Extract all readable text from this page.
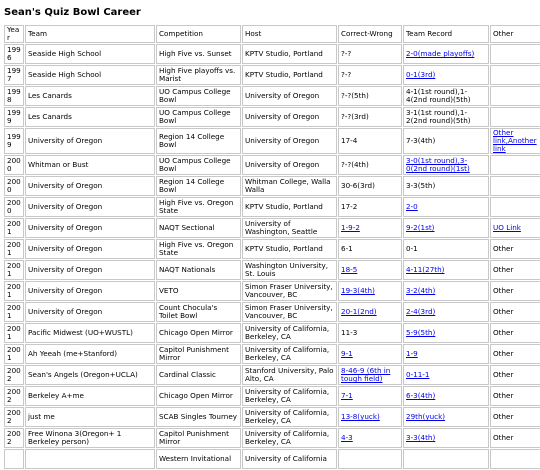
Sean's Quiz Bowl Career
Year	Team	Competition	Host	Correct-Wrong	Team Record	Other
1996	Seaside High School	High Five vs. Sunset	KPTV Studio, Portland	?-?	2-0(made playoffs)	
1997	Seaside High School	High Five playoffs vs. Marist	KPTV Studio, Portland	?-?	0-1(3rd)	
1998	Les Canards	UO Campus College Bowl	University of Oregon	?-?(5th)	4-1(1st round),1-4(2nd round)(5th)	
1999	Les Canards	UO Campus College Bowl	University of Oregon	?-?(3rd)	3-1(1st round),1-2(2nd round)(5th)	
1999	University of Oregon	Region 14 College Bowl	University of Oregon	17-4	7-3(4th)	Other link,Another link
2000	Whitman or Bust	UO Campus College Bowl	University of Oregon	?-?(4th)	3-0(1st round),3-0(2nd round)(1st)	
2000	University of Oregon	Region 14 College Bowl	Whitman College, Walla Walla	30-6(3rd)	3-3(5th)	
2000	University of Oregon	High Five vs. Oregon State	KPTV Studio, Portland	17-2	2-0	
2001	University of Oregon	NAQT Sectional	University of Washington, Seattle	1-9-2	9-2(1st)	UO Link
2001	University of Oregon	High Five vs. Oregon State	KPTV Studio, Portland	6-1	0-1	Other
2001	University of Oregon	NAQT Nationals	Washington University, St. Louis	18-5	4-11(27th)	Other
2001	University of Oregon	VETO	Simon Fraser University, Vancouver, BC	19-3(4th)	3-2(4th)	Other
2001	University of Oregon	Count Chocula's Toilet Bowl	Simon Fraser University, Vancouver, BC	20-1(2nd)	2-4(3rd)	Other
2001	Pacific Midwest (UO+WUSTL)	Chicago Open Mirror	University of California, Berkeley, CA	11-3	5-9(5th)	Other
2001	Ah Yeeah (me+Stanford)	Capitol Punishment Mirror	University of California, Berkeley, CA	9-1	1-9	Other
2002	Sean's Angels (Oregon+UCLA)	Cardinal Classic	Stanford University, Palo Alto, CA	8-46-9 (6th in tough field)	0-11-1	Other
2002	Berkeley A+me	Chicago Open Mirror	University of California, Berkeley, CA	7-1	6-3(4th)	Other
2002	just me	SCAB Singles Tourney	University of California, Berkeley, CA	13-8(yuck)	29th(yuck)	Other
2002	Free Winona 3(Oregon+ 1 Berkeley person)	Capitol Punishment Mirror	University of California, Berkeley, CA	4-3	3-3(4th)	Other
		Western Invitational	University of California			
